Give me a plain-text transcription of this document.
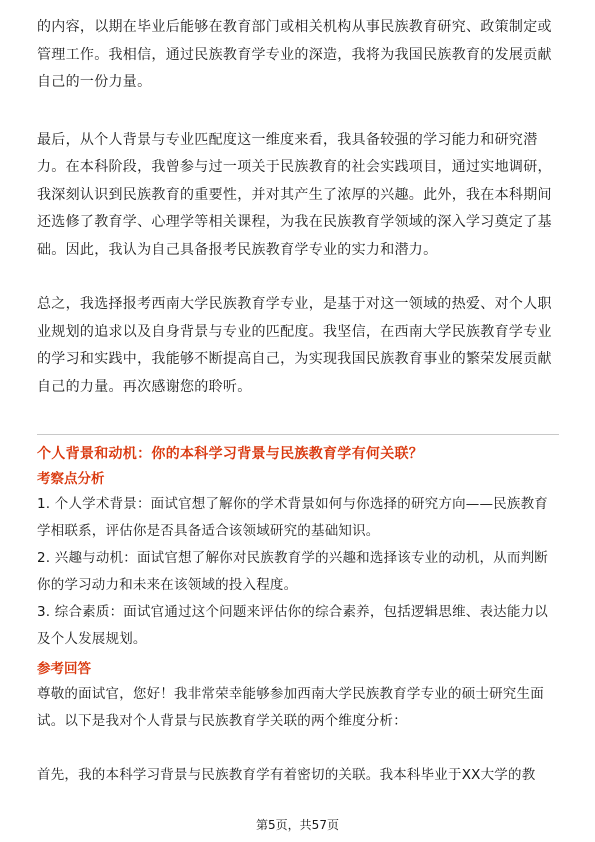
的内容，以期在毕业后能够在教育部门或相关机构从事民族教育研究、政策制定或管理工作。我相信，通过民族教育学专业的深造，我将为我国民族教育的发展贡献自己的一份力量。

最后，从个人背景与专业匹配度这一维度来看，我具备较强的学习能力和研究潜力。在本科阶段，我曾参与过一项关于民族教育的社会实践项目，通过实地调研，我深刻认识到民族教育的重要性，并对其产生了浓厚的兴趣。此外，我在本科期间还选修了教育学、心理学等相关课程，为我在民族教育学领域的深入学习奠定了基础。因此，我认为自己具备报考民族教育学专业的实力和潜力。

总之，我选择报考西南大学民族教育学专业，是基于对这一领域的热爱、对个人职业规划的追求以及自身背景与专业的匹配度。我坚信，在西南大学民族教育学专业的学习和实践中，我能够不断提高自己，为实现我国民族教育事业的繁荣发展贡献自己的力量。再次感谢您的聆听。

个人背景和动机：你的本科学习背景与民族教育学有何关联？

考察点分析

1. 个人学术背景：面试官想了解你的学术背景如何与你选择的研究方向——民族教育学相联系，评估你是否具备适合该领域研究的基础知识。

2. 兴趣与动机：面试官想了解你对民族教育学的兴趣和选择该专业的动机，从而判断你的学习动力和未来在该领域的投入程度。

3. 综合素质：面试官通过这个问题来评估你的综合素养，包括逻辑思维、表达能力以及个人发展规划。

参考回答

尊敬的面试官，您好！我非常荣幸能够参加西南大学民族教育学专业的硕士研究生面试。以下是我对个人背景与民族教育学关联的两个维度分析：

首先，我的本科学习背景与民族教育学有着密切的关联。我本科毕业于XX大学的教

第5页，共57页
